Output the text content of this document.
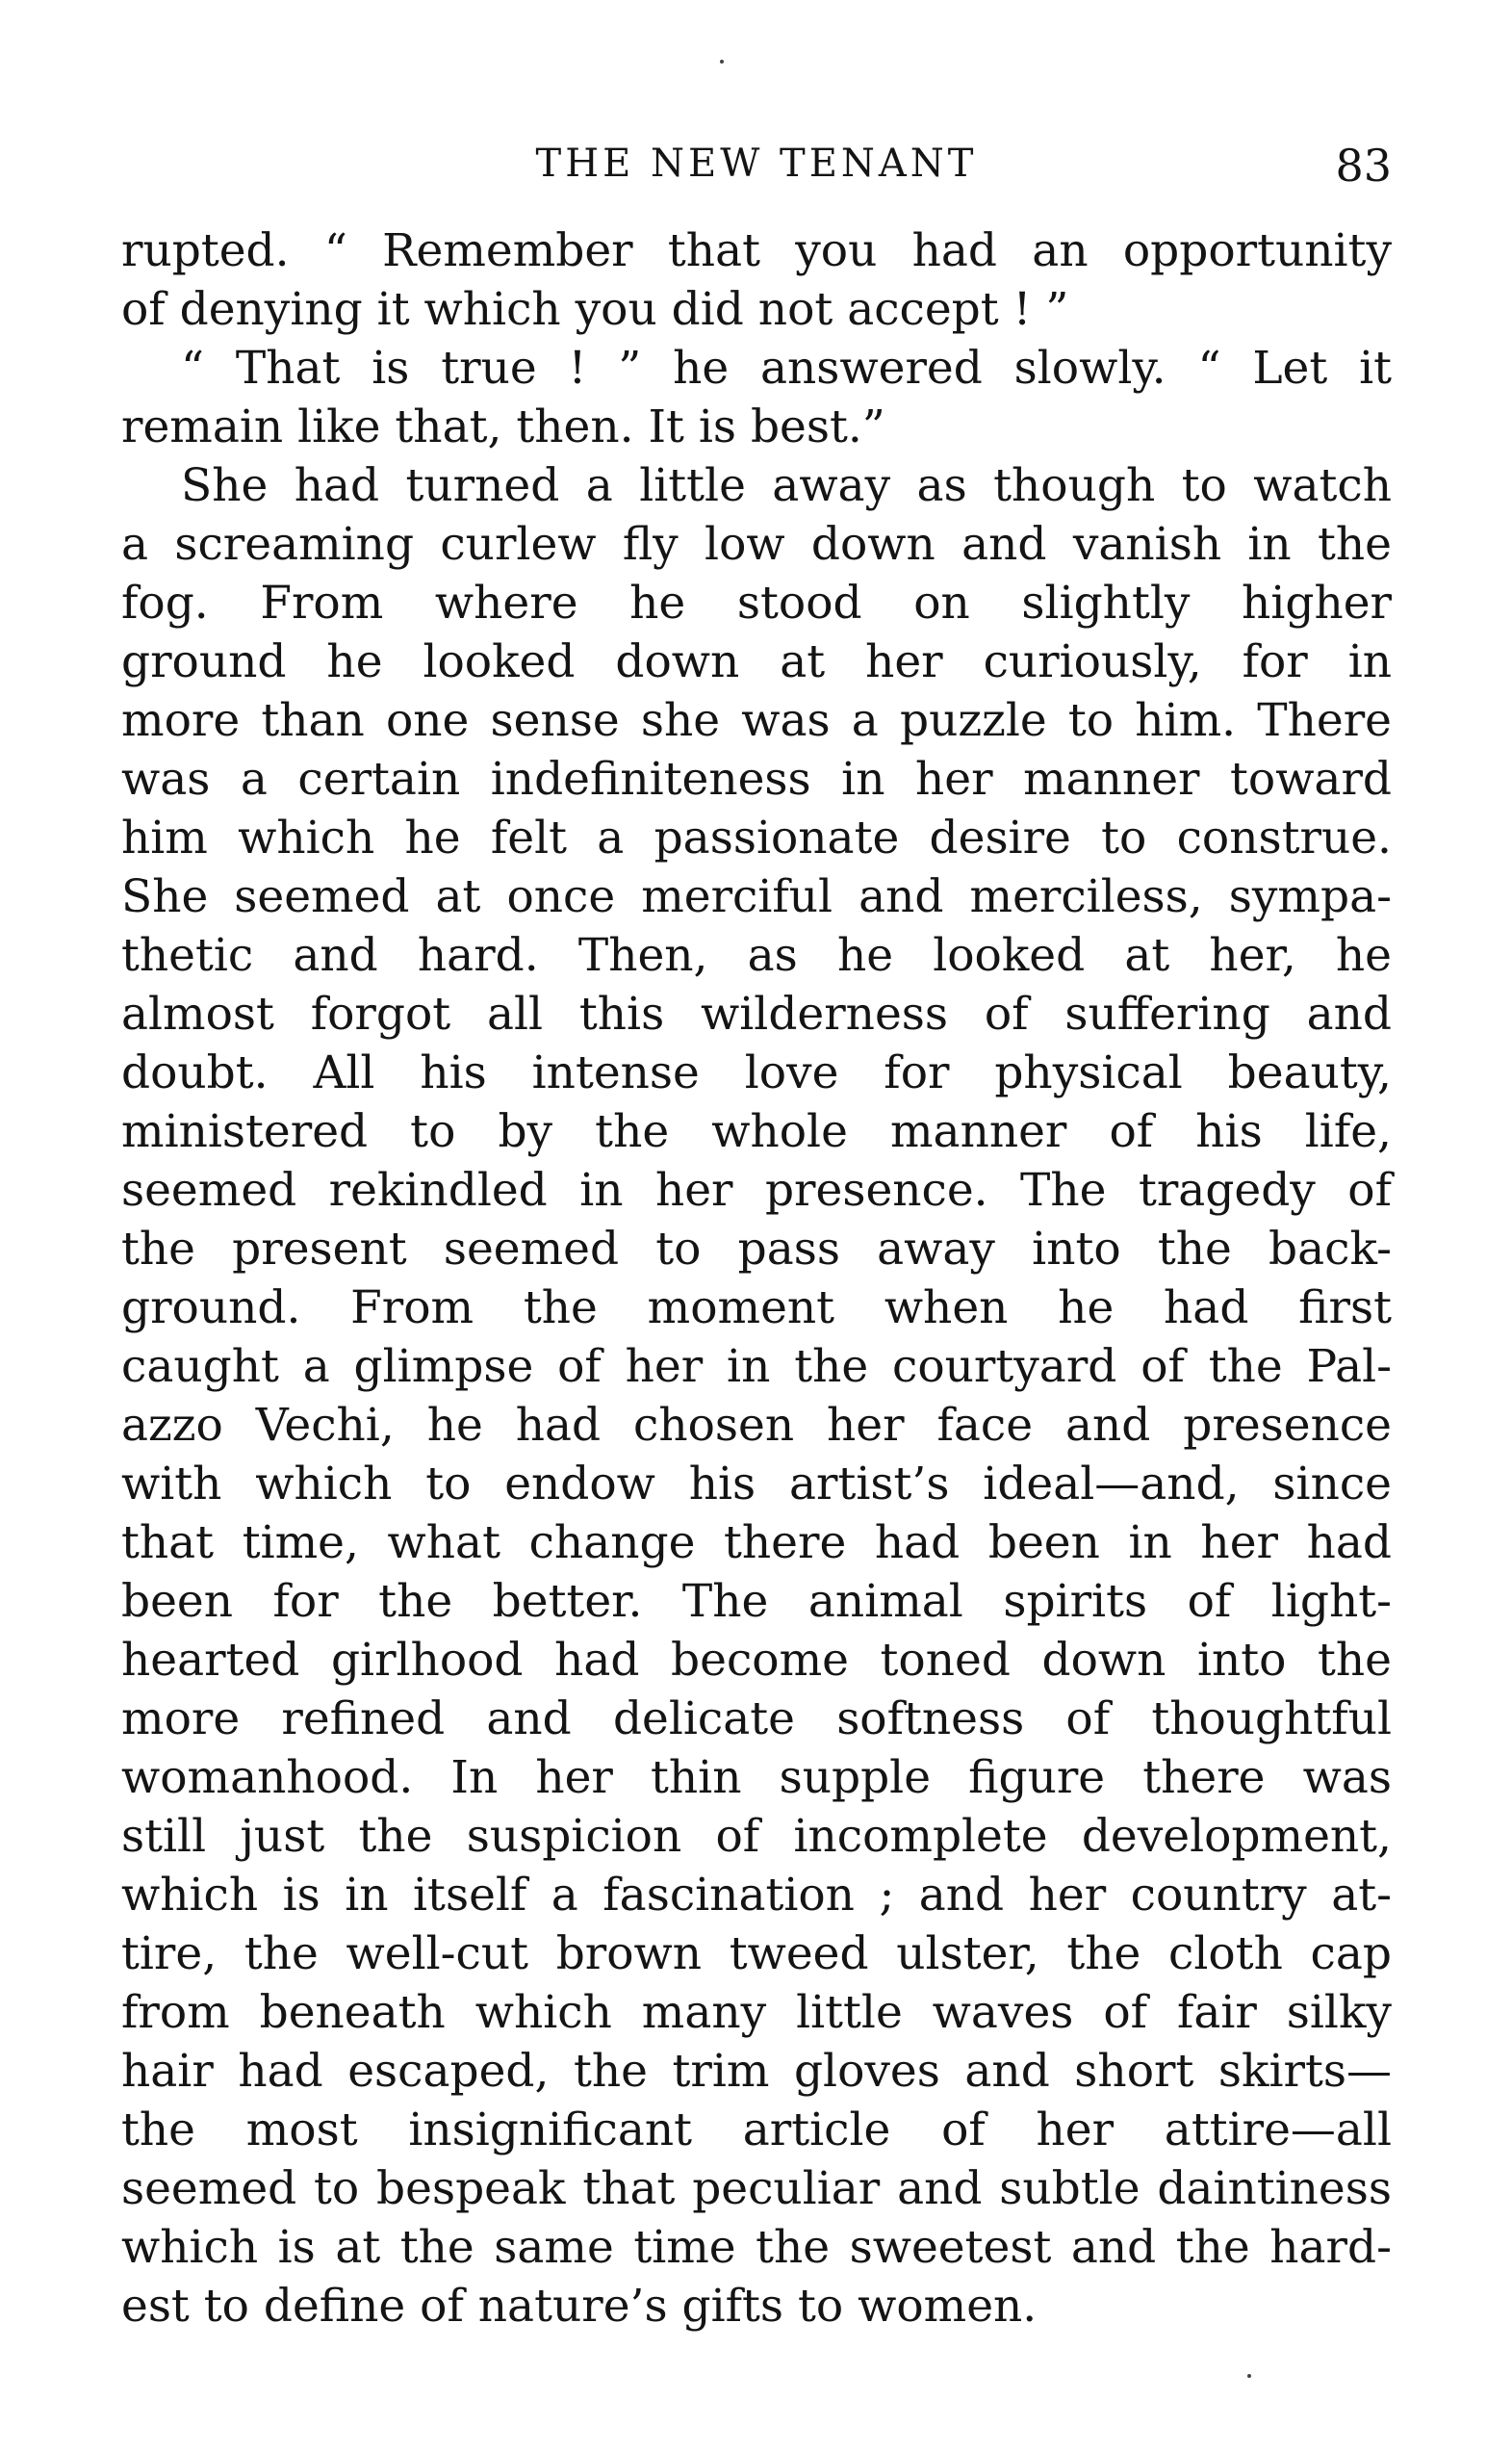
THE NEW TENANT	83
rupted. “ Remember that you had an opportunity
of denying it which you did not accept ! ”
“ That is true ! ” he answered slowly. “ Let it
remain like that, then. It is best.”
She had turned a little away as though to watch
a screaming curlew fly low down and vanish in the
fog. From where he stood on slightly higher
ground he looked down at her curiously, for in
more than one sense she was a puzzle to him. There
was a certain indefiniteness in her manner toward
him which he felt a passionate desire to construe.
She seemed at once merciful and merciless, sympa-
thetic and hard. Then, as he looked at her, he
almost forgot all this wilderness of suffering and
doubt. All his intense love for physical beauty,
ministered to by the whole manner of his life,
seemed rekindled in her presence. The tragedy of
the present seemed to pass away into the back-
ground. From the moment when he had first
caught a glimpse of her in the courtyard of the Pal-
azzo Vechi, he had chosen her face and presence
with which to endow his artist’s ideal—and, since
that time, what change there had been in her had
been for the better. The animal spirits of light-
hearted girlhood had become toned down into the
more refined and delicate softness of thoughtful
womanhood. In her thin supple figure there was
still just the suspicion of incomplete development,
which is in itself a fascination ; and her country at-
tire, the well-cut brown tweed ulster, the cloth cap
from beneath which many little waves of fair silky
hair had escaped, the trim gloves and short skirts—
the most insignificant article of her attire—all
seemed to bespeak that peculiar and subtle daintiness
which is at the same time the sweetest and the hard-
est to define of nature’s gifts to women.
